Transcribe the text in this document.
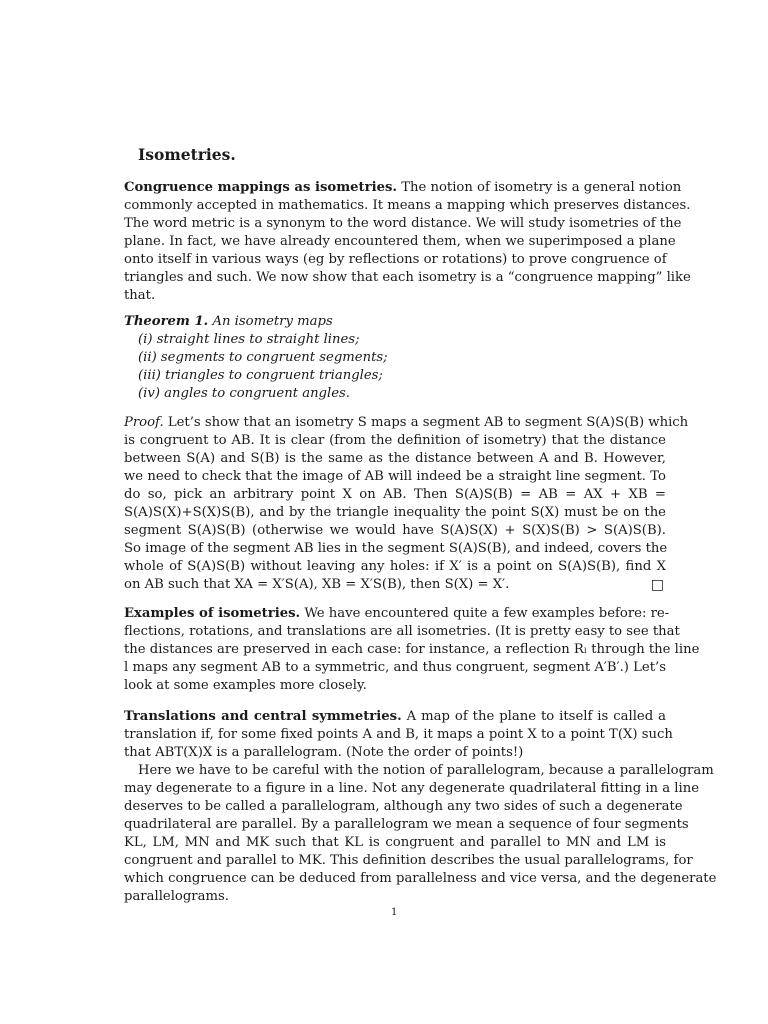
Isometries.
Congruence mappings as isometries. The notion of isometry is a general notion
commonly accepted in mathematics. It means a mapping which preserves distances.
The word metric is a synonym to the word distance. We will study isometries of the
plane. In fact, we have already encountered them, when we superimposed a plane
onto itself in various ways (eg by reflections or rotations) to prove congruence of
triangles and such. We now show that each isometry is a “congruence mapping” like
that.
Theorem 1. An isometry maps
(i) straight lines to straight lines;
(ii) segments to congruent segments;
(iii) triangles to congruent triangles;
(iv) angles to congruent angles.
Proof. Let’s show that an isometry S maps a segment AB to segment S(A)S(B) which
is congruent to AB. It is clear (from the definition of isometry) that the distance
between S(A) and S(B) is the same as the distance between A and B. However,
we need to check that the image of AB will indeed be a straight line segment. To
do so, pick an arbitrary point X on AB. Then S(A)S(B) = AB = AX + XB =
S(A)S(X)+S(X)S(B), and by the triangle inequality the point S(X) must be on the
segment S(A)S(B) (otherwise we would have S(A)S(X) + S(X)S(B) > S(A)S(B).
So image of the segment AB lies in the segment S(A)S(B), and indeed, covers the
whole of S(A)S(B) without leaving any holes: if X′ is a point on S(A)S(B), find X
on AB such that XA = X′S(A), XB = X′S(B), then S(X) = X′.	□
Examples of isometries. We have encountered quite a few examples before: re-
flections, rotations, and translations are all isometries. (It is pretty easy to see that
the distances are preserved in each case: for instance, a reflection Rₗ through the line
l maps any segment AB to a symmetric, and thus congruent, segment A′B′.) Let’s
look at some examples more closely.
Translations and central symmetries. A map of the plane to itself is called a
translation if, for some fixed points A and B, it maps a point X to a point T(X) such
that ABT(X)X is a parallelogram. (Note the order of points!)
Here we have to be careful with the notion of parallelogram, because a parallelogram
may degenerate to a figure in a line. Not any degenerate quadrilateral fitting in a line
deserves to be called a parallelogram, although any two sides of such a degenerate
quadrilateral are parallel. By a parallelogram we mean a sequence of four segments
KL, LM, MN and MK such that KL is congruent and parallel to MN and LM is
congruent and parallel to MK. This definition describes the usual parallelograms, for
which congruence can be deduced from parallelness and vice versa, and the degenerate
parallelograms.
1
